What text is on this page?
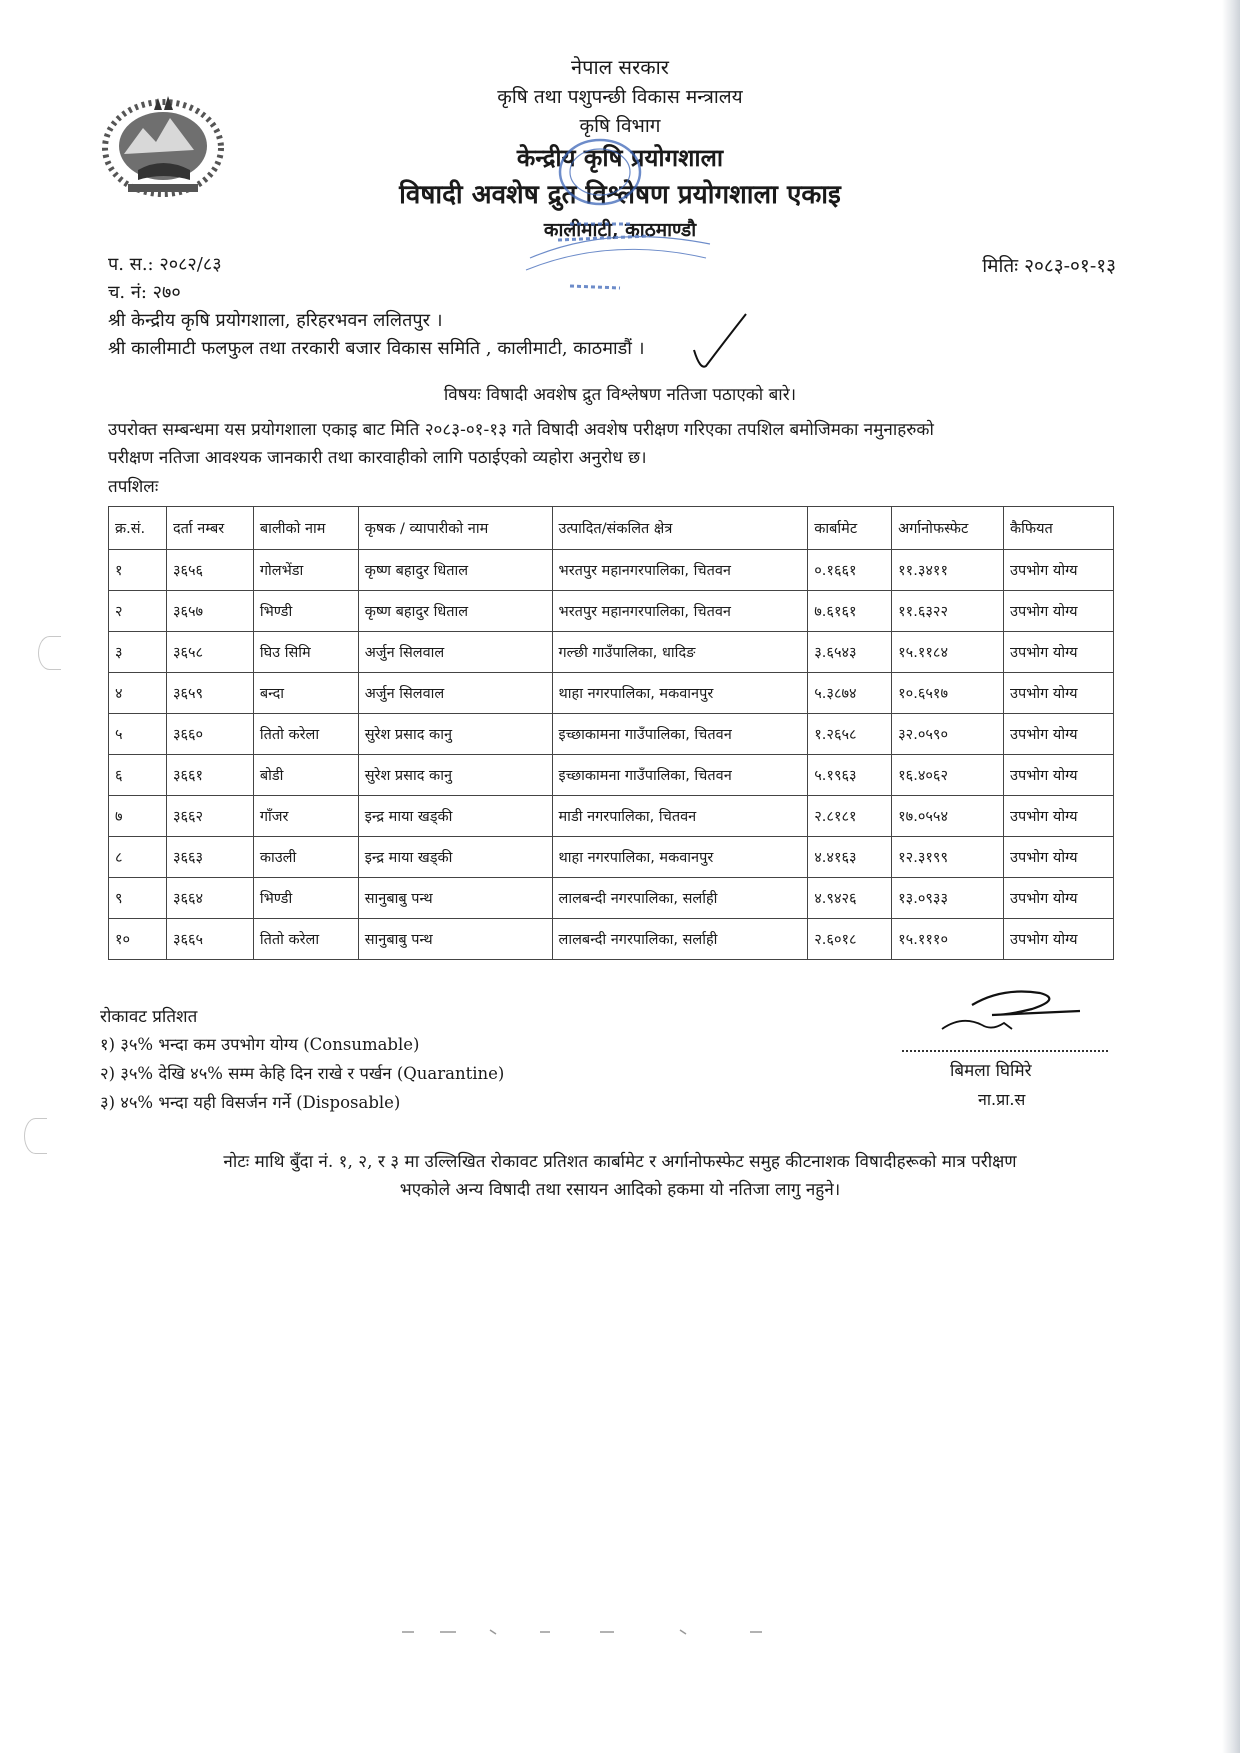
नेपाल सरकार
कृषि तथा पशुपन्छी विकास मन्त्रालय
कृषि विभाग
केन्द्रीय कृषि प्रयोगशाला
विषादी अवशेष द्रुत विश्लेषण प्रयोगशाला एकाइ
कालीमाटी, काठमाण्डौ
प. स.: २०८२/८३
च. नं: २७०
श्री केन्द्रीय कृषि प्रयोगशाला, हरिहरभवन ललितपुर ।
श्री कालीमाटी फलफुल तथा तरकारी बजार विकास समिति , कालीमाटी, काठमाडौं ।
मितिः २०८३-०१-१३
विषयः विषादी अवशेष द्रुत विश्लेषण नतिजा पठाएको बारे।
उपरोक्त सम्बन्धमा यस प्रयोगशाला एकाइ बाट मिति २०८३-०१-१३ गते विषादी अवशेष परीक्षण गरिएका तपशिल बमोजिमका नमुनाहरुको
परीक्षण नतिजा आवश्यक जानकारी तथा कारवाहीको लागि पठाईएको व्यहोरा अनुरोध छ।
तपशिलः
क्र.सं.	दर्ता नम्बर	बालीको नाम	कृषक / व्यापारीको नाम	उत्पादित/संकलित क्षेत्र	कार्बामेट	अर्गानोफस्फेट	कैफियत
१	३६५६	गोलभेंडा	कृष्ण बहादुर धिताल	भरतपुर महानगरपालिका, चितवन	०.१६६१	११.३४११	उपभोग योग्य
२	३६५७	भिण्डी	कृष्ण बहादुर धिताल	भरतपुर महानगरपालिका, चितवन	७.६१६१	११.६३२२	उपभोग योग्य
३	३६५८	घिउ सिमि	अर्जुन सिलवाल	गल्छी गाउँपालिका, धादिङ	३.६५४३	१५.११८४	उपभोग योग्य
४	३६५९	बन्दा	अर्जुन सिलवाल	थाहा नगरपालिका, मकवानपुर	५.३८७४	१०.६५१७	उपभोग योग्य
५	३६६०	तितो करेला	सुरेश प्रसाद कानु	इच्छाकामना गाउँपालिका, चितवन	१.२६५८	३२.०५९०	उपभोग योग्य
६	३६६१	बोडी	सुरेश प्रसाद कानु	इच्छाकामना गाउँपालिका, चितवन	५.१९६३	१६.४०६२	उपभोग योग्य
७	३६६२	गाँजर	इन्द्र माया खड्की	माडी नगरपालिका, चितवन	२.८१८१	१७.०५५४	उपभोग योग्य
८	३६६३	काउली	इन्द्र माया खड्की	थाहा नगरपालिका, मकवानपुर	४.४१६३	१२.३१९९	उपभोग योग्य
९	३६६४	भिण्डी	सानुबाबु पन्थ	लालबन्दी नगरपालिका, सर्लाही	४.९४२६	१३.०९३३	उपभोग योग्य
१०	३६६५	तितो करेला	सानुबाबु पन्थ	लालबन्दी नगरपालिका, सर्लाही	२.६०१८	१५.१११०	उपभोग योग्य
रोकावट प्रतिशत
१) ३५% भन्दा कम उपभोग योग्य (Consumable)
२) ३५% देखि ४५% सम्म केहि दिन राखे र पर्खन (Quarantine)
३) ४५% भन्दा यही विसर्जन गर्ने (Disposable)
बिमला घिमिरे
ना.प्रा.स
नोटः माथि बुँदा नं. १, २, र ३ मा उल्लिखित रोकावट प्रतिशत कार्बामेट र अर्गानोफस्फेट समुह कीटनाशक विषादीहरूको मात्र परीक्षण
भएकोले अन्य विषादी तथा रसायन आदिको हकमा यो नतिजा लागु नहुने।
